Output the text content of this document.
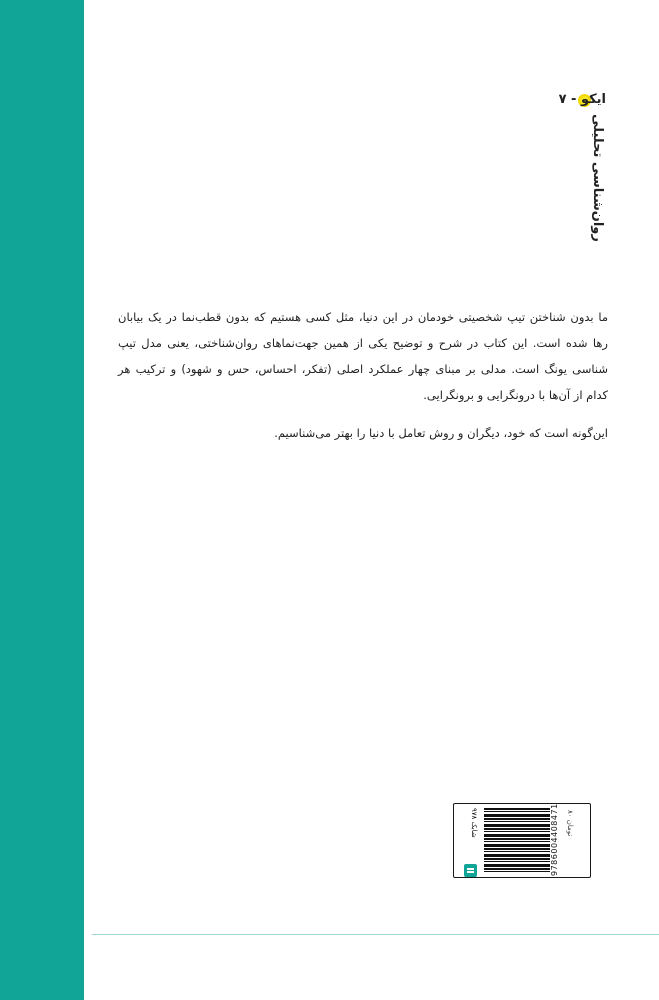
ایکو - ۷
روان‌شناسی تحلیلی

ما بدون شناختن تیپ شخصیتی خودمان در این دنیا، مثل کسی هستیم که بدون قطب‌نما در یک بیابان رها شده است. این کتاب در شرح و توضیح یکی از همین جهت‌نماهای روان‌شناختی، یعنی مدل تیپ شناسی یونگ است. مدلی بر مبنای چهار عملکرد اصلی (تفکر، احساس، حس و شهود) و ترکیب هر کدام از آن‌ها با درونگرایی و برونگرایی.

این‌گونه است که خود، دیگران و روش تعامل با دنیا را بهتر می‌شناسیم.

شابک ۹۷۸	9786004408471 ۸۰ تومان
